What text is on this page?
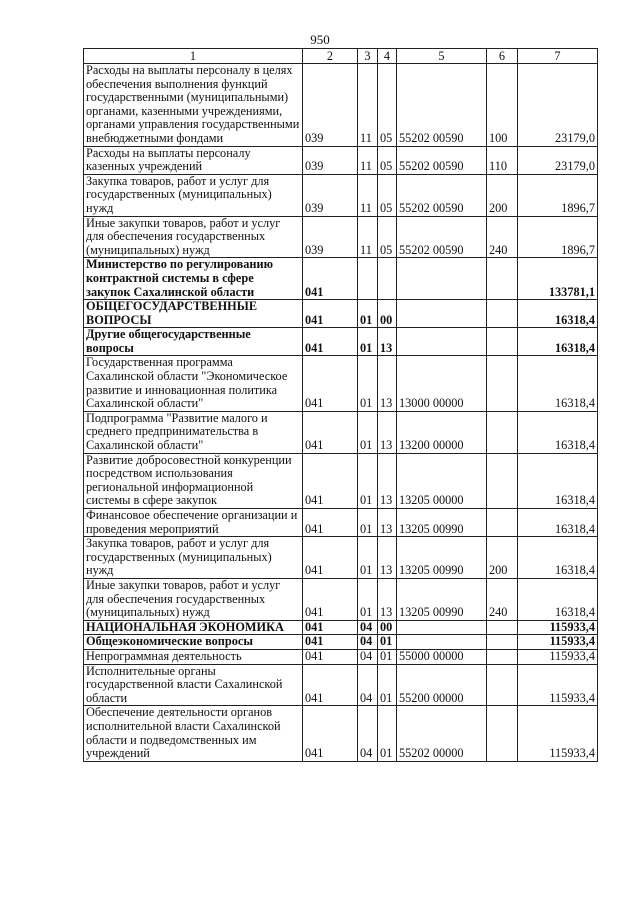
950
1	2	3	4	5	6	7
Расходы на выплаты персоналу в целях обеспечения выполнения функций государственными (муниципальными) органами, казенными учреждениями, органами управления государственными внебюджетными фондами	039	11	05	55202 00590	100	23179,0
Расходы на выплаты персоналу казенных учреждений	039	11	05	55202 00590	110	23179,0
Закупка товаров, работ и услуг для государственных (муниципальных) нужд	039	11	05	55202 00590	200	1896,7
Иные закупки товаров, работ и услуг для обеспечения государственных (муниципальных) нужд	039	11	05	55202 00590	240	1896,7
Министерство по регулированию контрактной системы в сфере закупок Сахалинской области	041					133781,1
ОБЩЕГОСУДАРСТВЕННЫЕ ВОПРОСЫ	041	01	00			16318,4
Другие общегосударственные вопросы	041	01	13			16318,4
Государственная программа Сахалинской области "Экономическое развитие и инновационная политика Сахалинской области"	041	01	13	13000 00000		16318,4
Подпрограмма "Развитие малого и среднего предпринимательства в Сахалинской области"	041	01	13	13200 00000		16318,4
Развитие добросовестной конкуренции посредством использования региональной информационной системы в сфере закупок	041	01	13	13205 00000		16318,4
Финансовое обеспечение организации и проведения мероприятий	041	01	13	13205 00990		16318,4
Закупка товаров, работ и услуг для государственных (муниципальных) нужд	041	01	13	13205 00990	200	16318,4
Иные закупки товаров, работ и услуг для обеспечения государственных (муниципальных) нужд	041	01	13	13205 00990	240	16318,4
НАЦИОНАЛЬНАЯ ЭКОНОМИКА	041	04	00			115933,4
Общеэкономические вопросы	041	04	01			115933,4
Непрограммная деятельность	041	04	01	55000 00000		115933,4
Исполнительные органы государственной власти Сахалинской области	041	04	01	55200 00000		115933,4
Обеспечение деятельности органов исполнительной власти Сахалинской области и подведомственных им учреждений	041	04	01	55202 00000		115933,4
